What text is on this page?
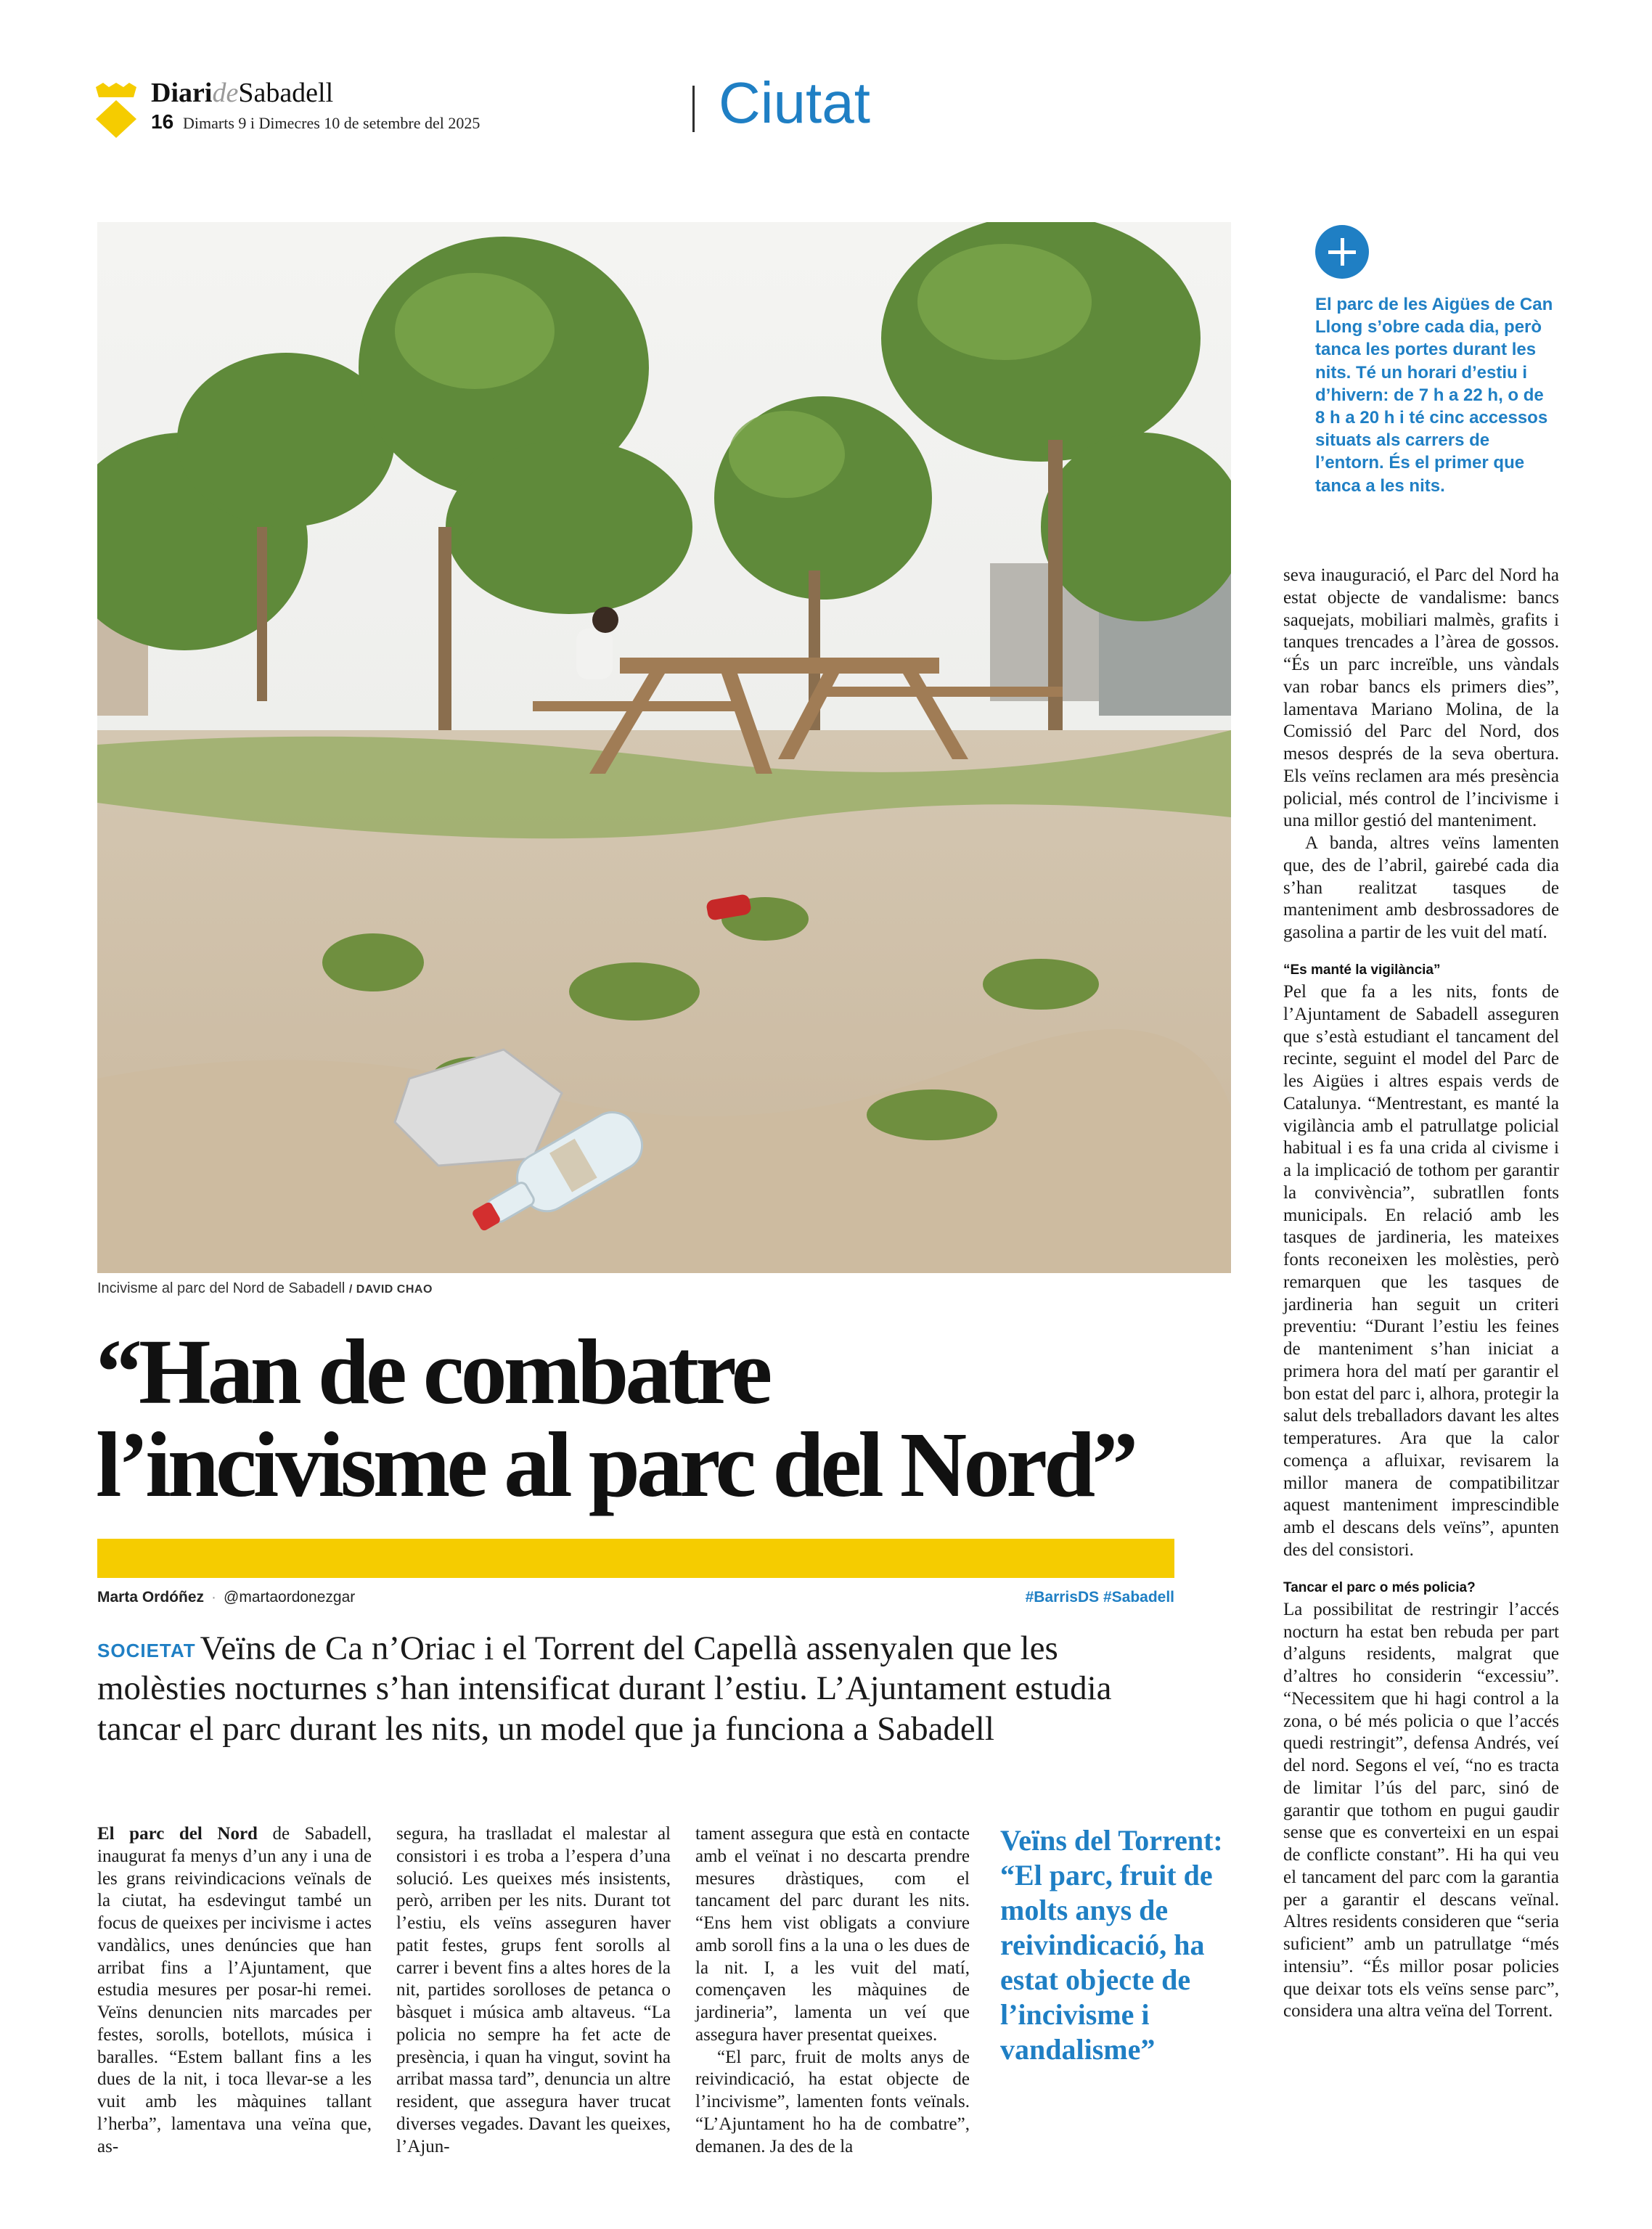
DiarideSabadell
16 Dimarts 9 i Dimecres 10 de setembre del 2025	Ciutat
Incivisme al parc del Nord de Sabadell / DAVID CHAO
“Han de combatre
l’incivisme al parc del Nord”
Marta Ordóñez · @martaordonezgar	#BarrisDS #Sabadell
SOCIETAT Veïns de Ca n’Oriac i el Torrent del Capellà assenyalen que les molèsties nocturnes s’han intensificat durant l’estiu. L’Ajuntament estudia tancar el parc durant les nits, un model que ja funciona a Sabadell

El parc del Nord de Sabadell, inaugurat fa menys d’un any i una de les grans reivindicacions veïnals de la ciutat, ha esdevingut també un focus de queixes per incivisme i actes vandàlics, unes denúncies que han arribat fins a l’Ajuntament, que estudia mesures per posar-hi remei. Veïns denuncien nits marcades per festes, sorolls, botellots, música i baralles. “Estem ballant fins a les dues de la nit, i toca llevar-se a les vuit amb les màquines tallant l’herba”, lamentava una veïna que, as-

segura, ha traslladat el malestar al consistori i es troba a l’espera d’una solució. Les queixes més insistents, però, arriben per les nits. Durant tot l’estiu, els veïns asseguren haver patit festes, grups fent sorolls al carrer i bevent fins a altes hores de la nit, partides sorolloses de petanca o bàsquet i música amb altaveus. “La policia no sempre ha fet acte de presència, i quan ha vingut, sovint ha arribat massa tard”, denuncia un altre resident, que assegura haver trucat diverses vegades. Davant les queixes, l’Ajun-

tament assegura que està en contacte amb el veïnat i no descarta prendre mesures dràstiques, com el tancament del parc durant les nits. “Ens hem vist obligats a conviure amb soroll fins a la una o les dues de la nit. I, a les vuit del matí, començaven les màquines de jardineria”, lamenta un veí que assegura haver presentat queixes.

“El parc, fruit de molts anys de reivindicació, ha estat objecte de l’incivisme”, lamenten fonts veïnals. “L’Ajuntament ho ha de combatre”, demanen. Ja des de la

Veïns del Torrent: “El parc, fruit de molts anys de reivindicació, ha estat objecte de l’incivisme i vandalisme”
El parc de les Aigües de Can Llong s’obre cada dia, però tanca les portes durant les nits. Té un horari d’estiu i d’hivern: de 7 h a 22 h, o de 8 h a 20 h i té cinc accessos situats als carrers de l’entorn. És el primer que tanca a les nits.

seva inauguració, el Parc del Nord ha estat objecte de vandalisme: bancs saquejats, mobiliari malmès, grafits i tanques trencades a l’àrea de gossos. “És un parc increïble, uns vàndals van robar bancs els primers dies”, lamentava Mariano Molina, de la Comissió del Parc del Nord, dos mesos després de la seva obertura. Els veïns reclamen ara més presència policial, més control de l’incivisme i una millor gestió del manteniment.

A banda, altres veïns lamenten que, des de l’abril, gairebé cada dia s’han realitzat tasques de manteniment amb desbrossadores de gasolina a partir de les vuit del matí.

“Es manté la vigilància”

Pel que fa a les nits, fonts de l’Ajuntament de Sabadell asseguren que s’està estudiant el tancament del recinte, seguint el model del Parc de les Aigües i altres espais verds de Catalunya. “Mentrestant, es manté la vigilància amb el patrullatge policial habitual i es fa una crida al civisme i a la implicació de tothom per garantir la convivència”, subratllen fonts municipals. En relació amb les tasques de jardineria, les mateixes fonts reconeixen les molèsties, però remarquen que les tasques de jardineria han seguit un criteri preventiu: “Durant l’estiu les feines de manteniment s’han iniciat a primera hora del matí per garantir el bon estat del parc i, alhora, protegir la salut dels treballadors davant les altes temperatures. Ara que la calor comença a afluixar, revisarem la millor manera de compatibilitzar aquest manteniment imprescindible amb el descans dels veïns”, apunten des del consistori.

Tancar el parc o més policia?

La possibilitat de restringir l’accés nocturn ha estat ben rebuda per part d’alguns residents, malgrat que d’altres ho considerin “excessiu”. “Necessitem que hi hagi control a la zona, o bé més policia o que l’accés quedi restringit”, defensa Andrés, veí del nord. Segons el veí, “no es tracta de limitar l’ús del parc, sinó de garantir que tothom en pugui gaudir sense que es converteixi en un espai de conflicte constant”. Hi ha qui veu el tancament del parc com la garantia per a garantir el descans veïnal. Altres residents consideren que “seria suficient” amb un patrullatge “més intensiu”. “És millor posar policies que deixar tots els veïns sense parc”, considera una altra veïna del Torrent.
